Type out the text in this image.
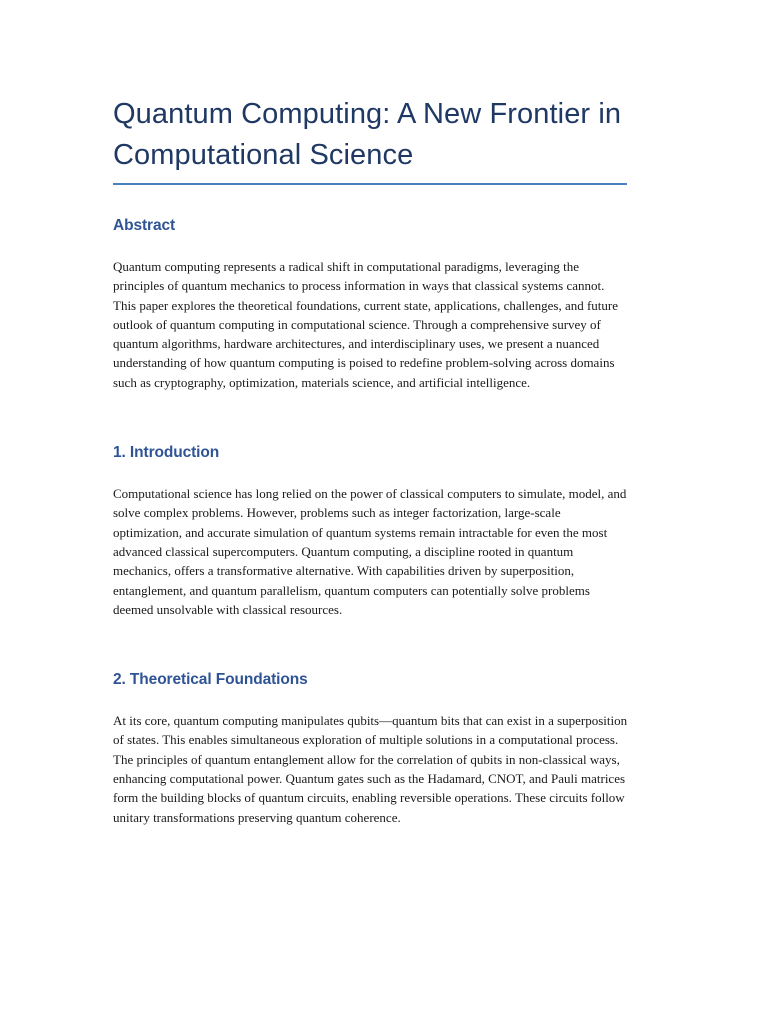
Quantum Computing: A New Frontier in Computational Science
Abstract

Quantum computing represents a radical shift in computational paradigms, leveraging the principles of quantum mechanics to process information in ways that classical systems cannot. This paper explores the theoretical foundations, current state, applications, challenges, and future outlook of quantum computing in computational science. Through a comprehensive survey of quantum algorithms, hardware architectures, and interdisciplinary uses, we present a nuanced understanding of how quantum computing is poised to redefine problem-solving across domains such as cryptography, optimization, materials science, and artificial intelligence.

1. Introduction

Computational science has long relied on the power of classical computers to simulate, model, and solve complex problems. However, problems such as integer factorization, large-scale optimization, and accurate simulation of quantum systems remain intractable for even the most advanced classical supercomputers. Quantum computing, a discipline rooted in quantum mechanics, offers a transformative alternative. With capabilities driven by superposition, entanglement, and quantum parallelism, quantum computers can potentially solve problems deemed unsolvable with classical resources.

2. Theoretical Foundations

At its core, quantum computing manipulates qubits—quantum bits that can exist in a superposition of states. This enables simultaneous exploration of multiple solutions in a computational process. The principles of quantum entanglement allow for the correlation of qubits in non-classical ways, enhancing computational power. Quantum gates such as the Hadamard, CNOT, and Pauli matrices form the building blocks of quantum circuits, enabling reversible operations. These circuits follow unitary transformations preserving quantum coherence.
